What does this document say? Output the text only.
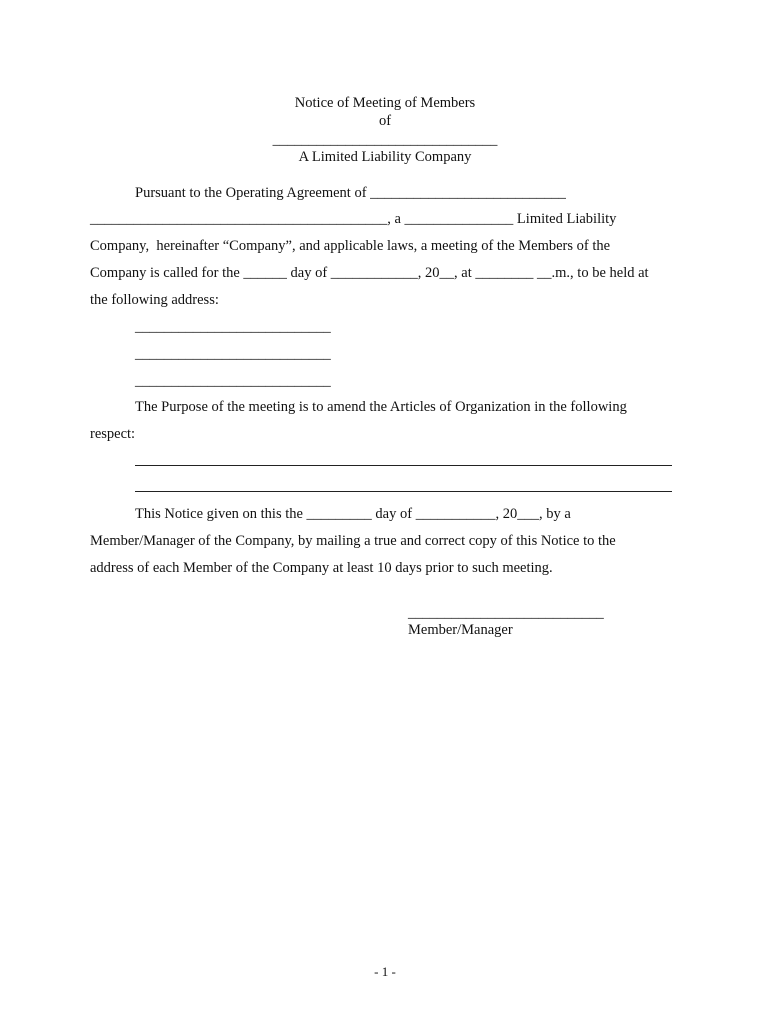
Notice of Meeting of Members
of
_______________________________
A Limited Liability Company
Pursuant to the Operating Agreement of ___________________________
_________________________________________, a _______________ Limited Liability
Company,  hereinafter “Company”, and applicable laws, a meeting of the Members of the
Company is called for the ______ day of ____________, 20__, at ________ __.m., to be held at
the following address:
___________________________
___________________________
___________________________
The Purpose of the meeting is to amend the Articles of Organization in the following
respect:
This Notice given on this the _________ day of ___________, 20___, by a
Member/Manager of the Company, by mailing a true and correct copy of this Notice to the
address of each Member of the Company at least 10 days prior to such meeting.
___________________________
Member/Manager
- 1 -
